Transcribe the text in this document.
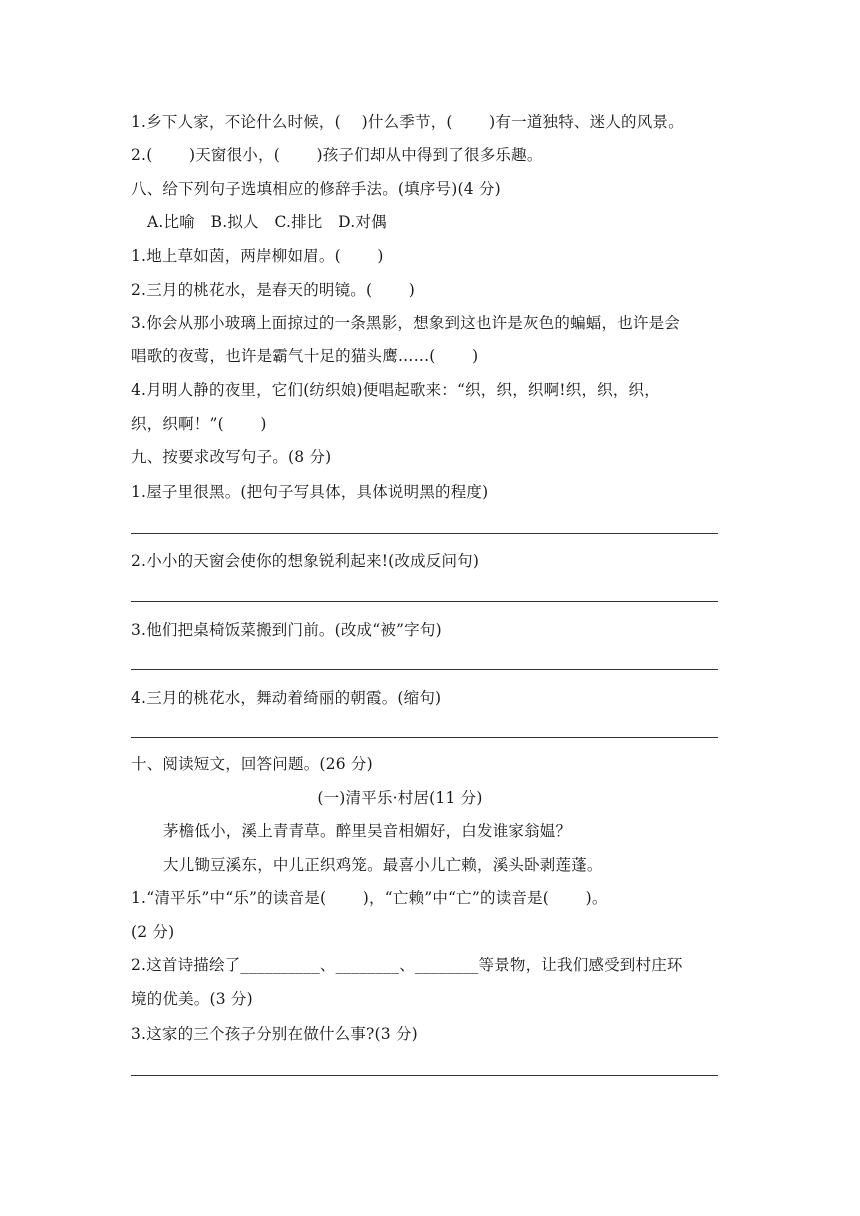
1.乡下人家，不论什么时候，(　 )什么季节，(　 　)有一道独特、迷人的风景。
2.(　 　)天窗很小，(　 　)孩子们却从中得到了很多乐趣。
八、给下列句子选填相应的修辞手法。(填序号)(4 分)
A.比喻　B.拟人　C.排比　D.对偶
1.地上草如茵，两岸柳如眉。(　 　)
2.三月的桃花水，是春天的明镜。(　 　)
3.你会从那小玻璃上面掠过的一条黑影，想象到这也许是灰色的蝙蝠，也许是会
唱歌的夜莺，也许是霸气十足的猫头鹰……(　 　)
4.月明人静的夜里，它们(纺织娘)便唱起歌来：“织，织，织啊!织，织，织，
织，织啊！”(　 　)
九、按要求改写句子。(8 分)
1.屋子里很黑。(把句子写具体，具体说明黑的程度)
2.小小的天窗会使你的想象锐利起来!(改成反问句)
3.他们把桌椅饭菜搬到门前。(改成“被”字句)
4.三月的桃花水，舞动着绮丽的朝霞。(缩句)
十、阅读短文，回答问题。(26 分)
(一)清平乐·村居(11 分)
茅檐低小，溪上青青草。醉里吴音相媚好，白发谁家翁媪？
大儿锄豆溪东，中儿正织鸡笼。最喜小儿亡赖，溪头卧剥莲蓬。
1.“清平乐”中“乐”的读音是(　 　)，“亡赖”中“亡”的读音是(　 　)。
(2 分)
2.这首诗描绘了__________、________、________等景物，让我们感受到村庄环
境的优美。(3 分)
3.这家的三个孩子分别在做什么事?(3 分)
